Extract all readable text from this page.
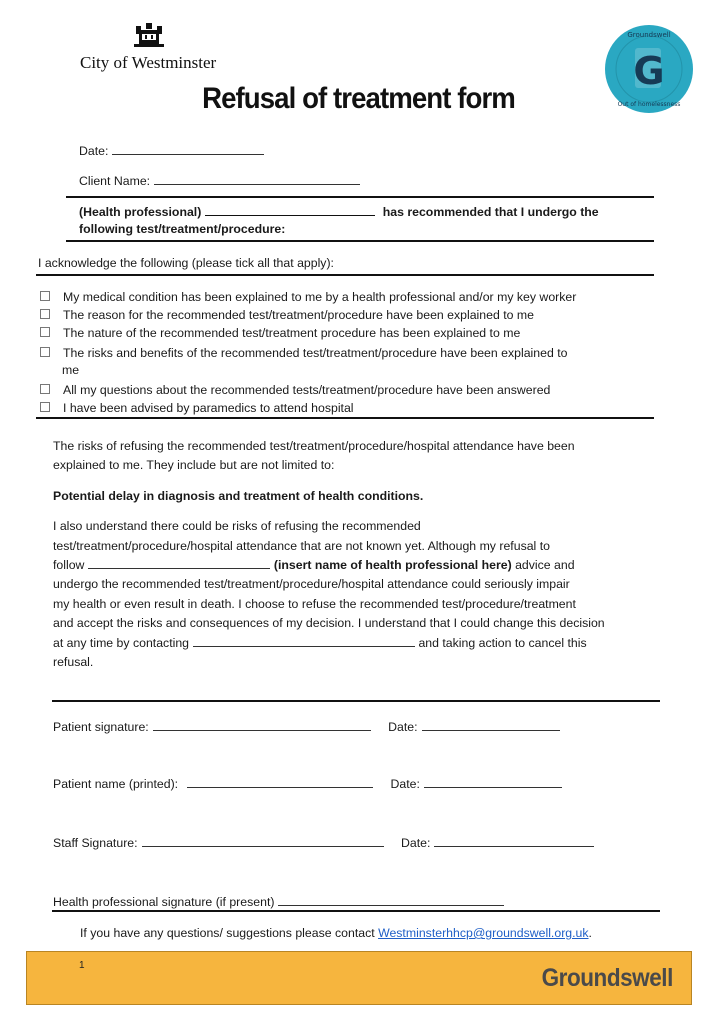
City of Westminster
Refusal of treatment form
G
Groundswell
Out of homelessness
Date:
Client Name:
(Health professional)	has recommended that I undergo the
following test/treatment/procedure:
I acknowledge the following (please tick all that apply):
My medical condition has been explained to me by a health professional and/or my key worker
The reason for the recommended test/treatment/procedure have been explained to me
The nature of the recommended test/treatment procedure has been explained to me
The risks and benefits of the recommended test/treatment/procedure have been explained to
me
All my questions about the recommended tests/treatment/procedure have been answered
I have been advised by paramedics to attend hospital

The risks of refusing the recommended test/treatment/procedure/hospital attendance have been

explained to me. They include but are not limited to:

Potential delay in diagnosis and treatment of health conditions.

I also understand there could be risks of refusing the recommended

test/treatment/procedure/hospital attendance that are not known yet. Although my refusal to

follow	(insert name of health professional here) advice and

undergo the recommended test/treatment/procedure/hospital attendance could seriously impair

my health or even result in death. I choose to refuse the recommended test/procedure/treatment

and accept the risks and consequences of my decision. I understand that I could change this decision

at any time by contacting	and taking action to cancel this

refusal.

Patient signature:	Date:
Patient name (printed):	Date:
Staff Signature:	Date:
Health professional signature (if present)
If you have any questions/ suggestions please contact Westminsterhhcp@groundswell.org.uk.
1	Groundswell
